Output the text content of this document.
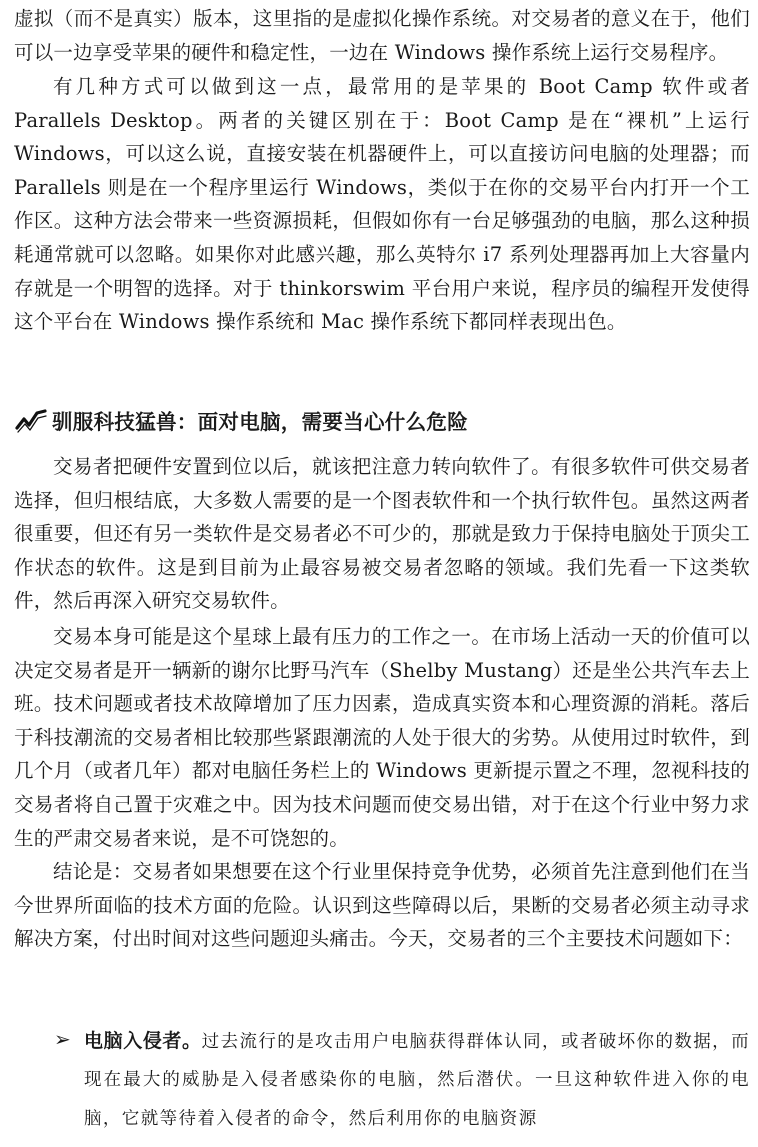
虚拟（而不是真实）版本，这里指的是虚拟化操作系统。对交易者的意义在于，他们可以一边享受苹果的硬件和稳定性，一边在 Windows 操作系统上运行交易程序。

有几种方式可以做到这一点，最常用的是苹果的 Boot Camp 软件或者 Parallels Desktop。两者的关键区别在于：Boot Camp 是在“裸机”上运行 Windows，可以这么说，直接安装在机器硬件上，可以直接访问电脑的处理器；而 Parallels 则是在一个程序里运行 Windows，类似于在你的交易平台内打开一个工作区。这种方法会带来一些资源损耗，但假如你有一台足够强劲的电脑，那么这种损耗通常就可以忽略。如果你对此感兴趣，那么英特尔 i7 系列处理器再加上大容量内存就是一个明智的选择。对于 thinkorswim 平台用户来说，程序员的编程开发使得这个平台在 Windows 操作系统和 Mac 操作系统下都同样表现出色。

驯服科技猛兽：面对电脑，需要当心什么危险

交易者把硬件安置到位以后，就该把注意力转向软件了。有很多软件可供交易者选择，但归根结底，大多数人需要的是一个图表软件和一个执行软件包。虽然这两者很重要，但还有另一类软件是交易者必不可少的，那就是致力于保持电脑处于顶尖工作状态的软件。这是到目前为止最容易被交易者忽略的领域。我们先看一下这类软件，然后再深入研究交易软件。

交易本身可能是这个星球上最有压力的工作之一。在市场上活动一天的价值可以决定交易者是开一辆新的谢尔比野马汽车（Shelby Mustang）还是坐公共汽车去上班。技术问题或者技术故障增加了压力因素，造成真实资本和心理资源的消耗。落后于科技潮流的交易者相比较那些紧跟潮流的人处于很大的劣势。从使用过时软件，到几个月（或者几年）都对电脑任务栏上的 Windows 更新提示置之不理，忽视科技的交易者将自己置于灾难之中。因为技术问题而使交易出错，对于在这个行业中努力求生的严肃交易者来说，是不可饶恕的。

结论是：交易者如果想要在这个行业里保持竞争优势，必须首先注意到他们在当今世界所面临的技术方面的危险。认识到这些障碍以后，果断的交易者必须主动寻求解决方案，付出时间对这些问题迎头痛击。今天，交易者的三个主要技术问题如下：

➢ 电脑入侵者。过去流行的是攻击用户电脑获得群体认同，或者破坏你的数据，而现在最大的威胁是入侵者感染你的电脑，然后潜伏。一旦这种软件进入你的电脑，它就等待着入侵者的命令，然后利用你的电脑资源
